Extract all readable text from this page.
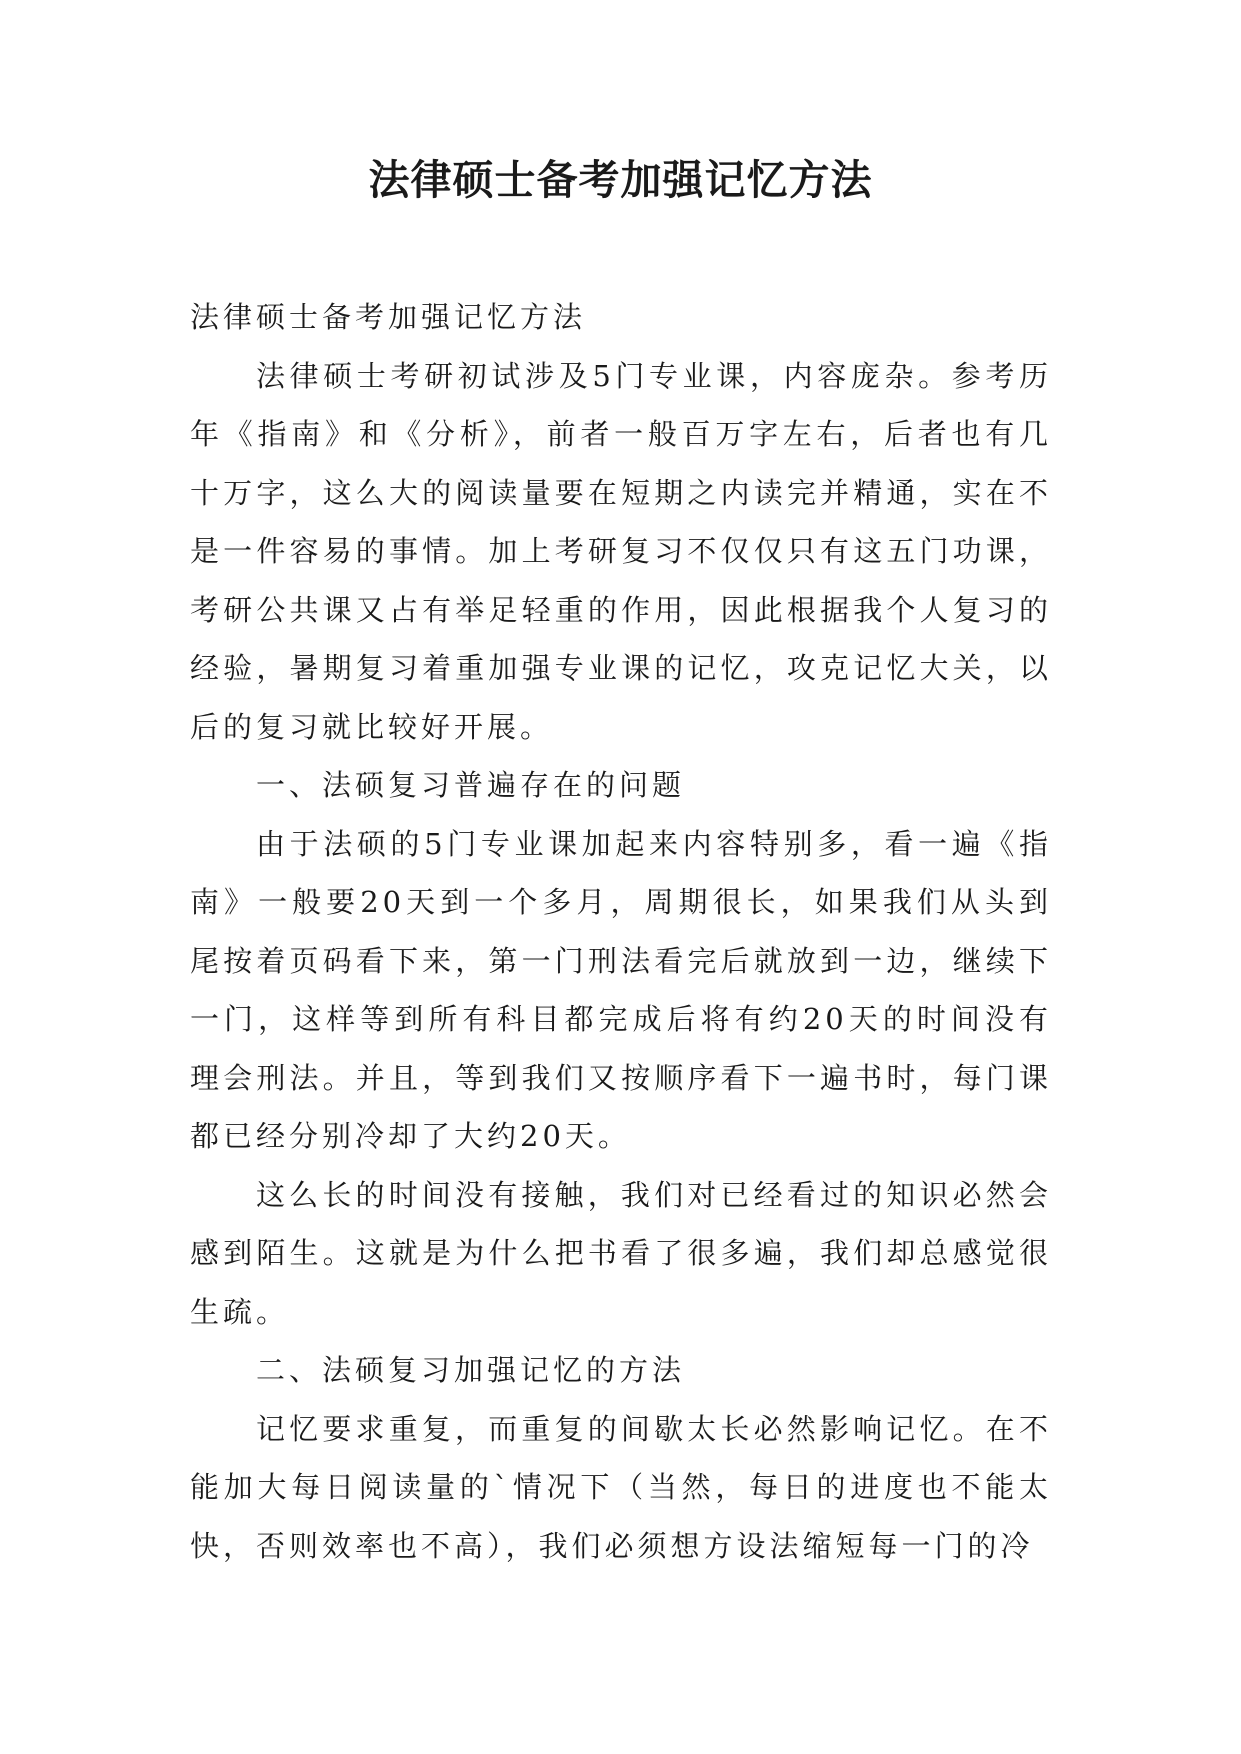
法律硕士备考加强记忆方法

法律硕士备考加强记忆方法

法律硕士考研初试涉及5门专业课，内容庞杂。参考历年《指南》和《分析》，前者一般百万字左右，后者也有几十万字，这么大的阅读量要在短期之内读完并精通，实在不是一件容易的事情。加上考研复习不仅仅只有这五门功课，考研公共课又占有举足轻重的作用，因此根据我个人复习的经验，暑期复习着重加强专业课的记忆，攻克记忆大关，以后的复习就比较好开展。

一、法硕复习普遍存在的问题

由于法硕的5门专业课加起来内容特别多，看一遍《指南》一般要20天到一个多月，周期很长，如果我们从头到尾按着页码看下来，第一门刑法看完后就放到一边，继续下一门，这样等到所有科目都完成后将有约20天的时间没有理会刑法。并且，等到我们又按顺序看下一遍书时，每门课都已经分别冷却了大约20天。

这么长的时间没有接触，我们对已经看过的知识必然会感到陌生。这就是为什么把书看了很多遍，我们却总感觉很生疏。

二、法硕复习加强记忆的方法

记忆要求重复，而重复的间歇太长必然影响记忆。在不能加大每日阅读量的`情况下（当然，每日的进度也不能太快，否则效率也不高），我们必须想方设法缩短每一门的冷
